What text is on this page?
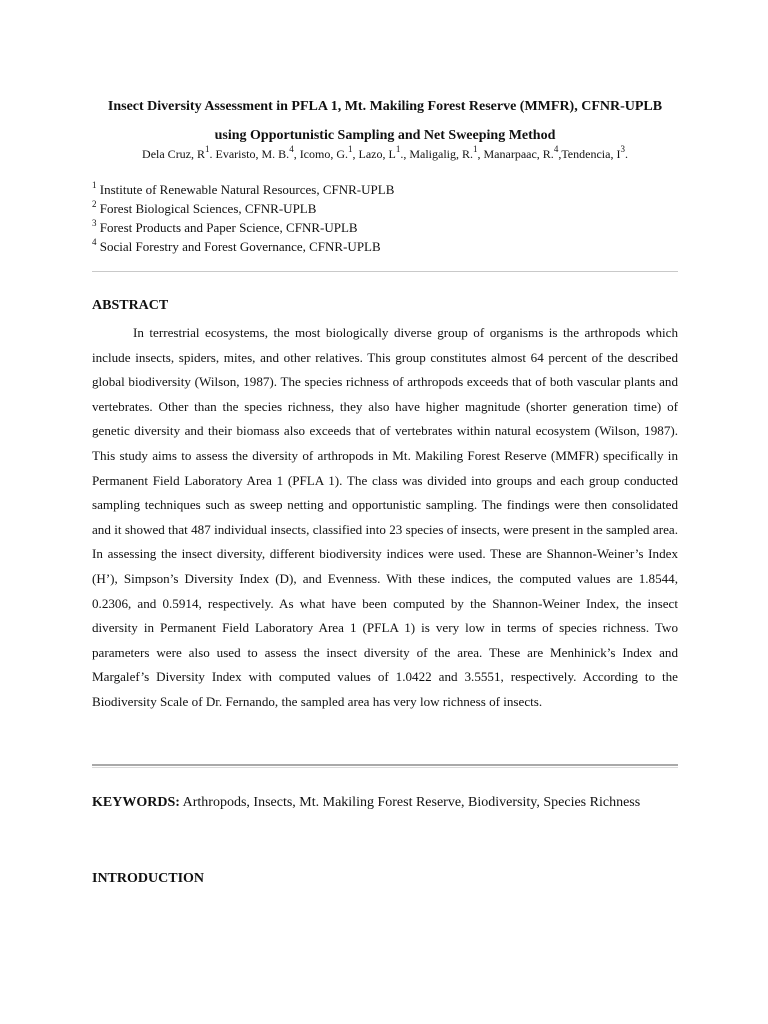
Insect Diversity Assessment in PFLA 1, Mt. Makiling Forest Reserve (MMFR), CFNR-UPLB using Opportunistic Sampling and Net Sweeping Method

Dela Cruz, $R^1$. Evaristo, M. B.$^4$, Icomo, G.$^1$, Lazo, $L^1$., Maligalig, R.$^1$, Manarpaac, R.$^4$,Tendencia, $I^3$.

$^1$ Institute of Renewable Natural Resources, CFNR-UPLB
$^2$ Forest Biological Sciences, CFNR-UPLB
$^3$ Forest Products and Paper Science, CFNR-UPLB
$^4$ Social Forestry and Forest Governance, CFNR-UPLB
ABSTRACT

In terrestrial ecosystems, the most biologically diverse group of organisms is the arthropods which include insects, spiders, mites, and other relatives. This group constitutes almost 64 percent of the described global biodiversity (Wilson, 1987). The species richness of arthropods exceeds that of both vascular plants and vertebrates. Other than the species richness, they also have higher magnitude (shorter generation time) of genetic diversity and their biomass also exceeds that of vertebrates within natural ecosystem (Wilson, 1987). This study aims to assess the diversity of arthropods in Mt. Makiling Forest Reserve (MMFR) specifically in Permanent Field Laboratory Area 1 (PFLA 1). The class was divided into groups and each group conducted sampling techniques such as sweep netting and opportunistic sampling. The findings were then consolidated and it showed that 487 individual insects, classified into 23 species of insects, were present in the sampled area. In assessing the insect diversity, different biodiversity indices were used. These are Shannon-Weiner’s Index (H’), Simpson’s Diversity Index (D), and Evenness. With these indices, the computed values are 1.8544, 0.2306, and 0.5914, respectively. As what have been computed by the Shannon-Weiner Index, the insect diversity in Permanent Field Laboratory Area 1 (PFLA 1) is very low in terms of species richness. Two parameters were also used to assess the insect diversity of the area. These are Menhinick’s Index and Margalef’s Diversity Index with computed values of 1.0422 and 3.5551, respectively. According to the Biodiversity Scale of Dr. Fernando, the sampled area has very low richness of insects.

KEYWORDS: Arthropods, Insects, Mt. Makiling Forest Reserve, Biodiversity, Species Richness

INTRODUCTION
